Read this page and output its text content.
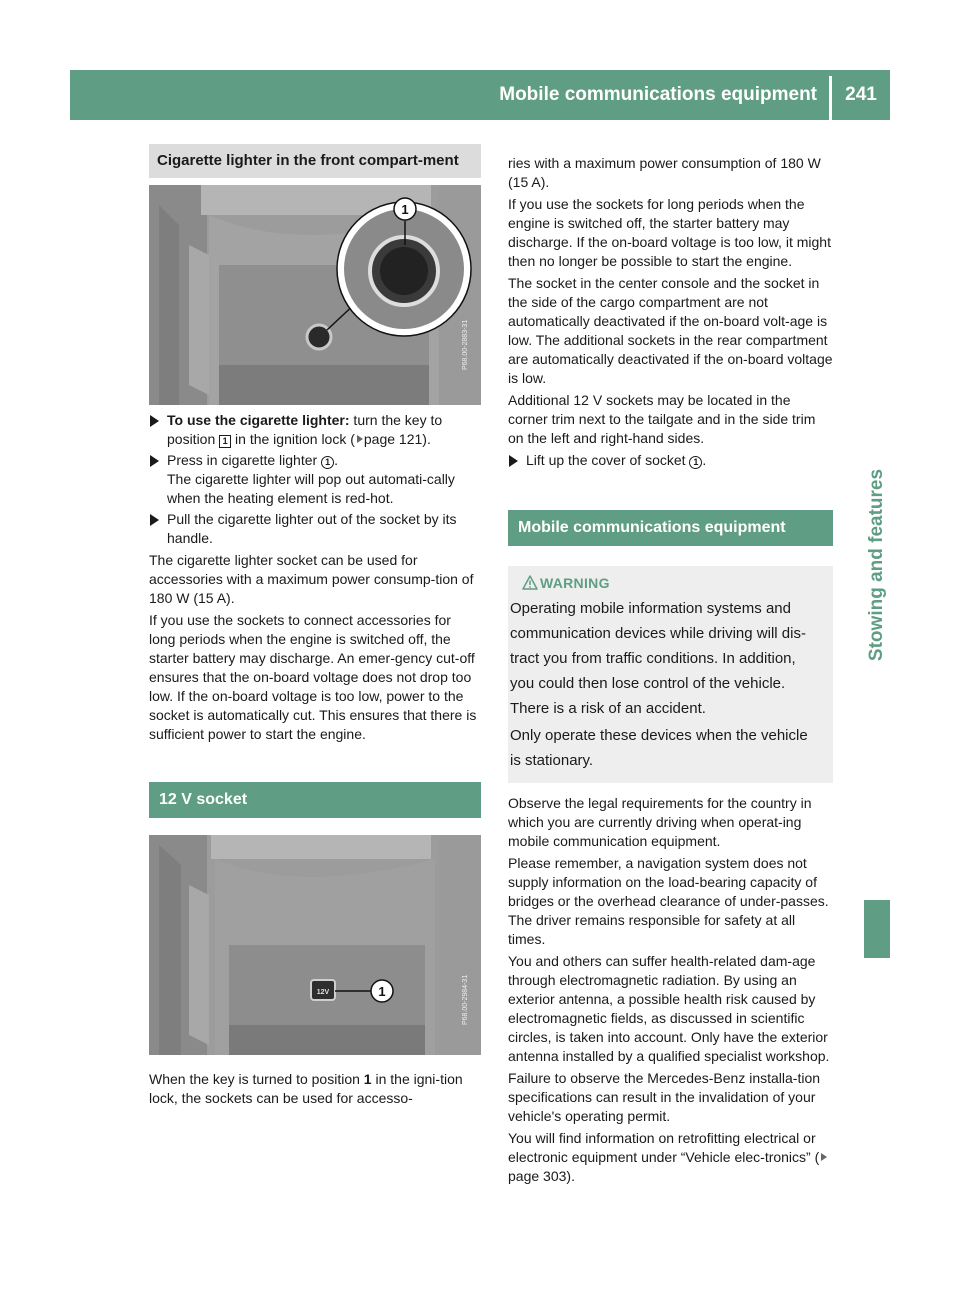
Mobile communications equipment	241
Stowing and features
Cigarette lighter in the front compart-ment
1
P68.00-2883-31
To use the cigarette lighter: turn the key to position 1 in the ignition lock ( page 121).
Press in cigarette lighter 1 .
The cigarette lighter will pop out automati-cally when the heating element is red-hot.
Pull the cigarette lighter out of the socket by its handle.

The cigarette lighter socket can be used for accessories with a maximum power consump-tion of 180 W (15 A).

If you use the sockets to connect accessories for long periods when the engine is switched off, the starter battery may discharge. An emer-gency cut-off ensures that the on-board voltage does not drop too low. If the on-board voltage is too low, power to the socket is automatically cut. This ensures that there is sufficient power to start the engine.

12 V socket
12V	1	P68.00-2984-31

When the key is turned to position 1 in the igni-tion lock, the sockets can be used for accesso-

ries with a maximum power consumption of 180 W (15 A).

If you use the sockets for long periods when the engine is switched off, the starter battery may discharge. If the on-board voltage is too low, it might then no longer be possible to start the engine.

The socket in the center console and the socket in the side of the cargo compartment are not automatically deactivated if the on-board volt-age is low. The additional sockets in the rear compartment are automatically deactivated if the on-board voltage is low.

Additional 12 V sockets may be located in the corner trim next to the tailgate and in the side trim on the left and right-hand sides.

Lift up the cover of socket 1 .
Mobile communications equipment
WARNING

Operating mobile information systems and communication devices while driving will dis-tract you from traffic conditions. In addition, you could then lose control of the vehicle. There is a risk of an accident.

Only operate these devices when the vehicle is stationary.

Observe the legal requirements for the country in which you are currently driving when operat-ing mobile communication equipment.

Please remember, a navigation system does not supply information on the load-bearing capacity of bridges or the overhead clearance of under-passes. The driver remains responsible for safety at all times.

You and others can suffer health-related dam-age through electromagnetic radiation. By using an exterior antenna, a possible health risk caused by electromagnetic fields, as discussed in scientific circles, is taken into account. Only have the exterior antenna installed by a qualified specialist workshop.

Failure to observe the Mercedes-Benz installa-tion specifications can result in the invalidation of your vehicle's operating permit.

You will find information on retrofitting electrical or electronic equipment under “Vehicle elec-tronics” (page 303).
